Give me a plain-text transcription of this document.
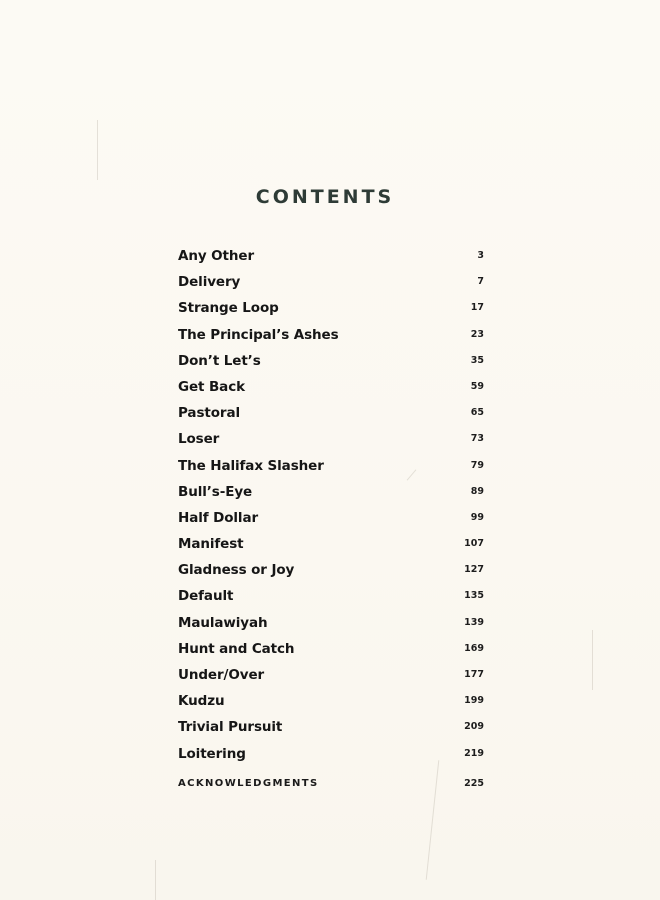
CONTENTS
Any Other	3
Delivery	7
Strange Loop	17
The Principal’s Ashes	23
Don’t Let’s	35
Get Back	59
Pastoral	65
Loser	73
The Halifax Slasher	79
Bull’s-Eye	89
Half Dollar	99
Manifest	107
Gladness or Joy	127
Default	135
Maulawiyah	139
Hunt and Catch	169
Under/Over	177
Kudzu	199
Trivial Pursuit	209
Loitering	219
ACKNOWLEDGMENTS	225
